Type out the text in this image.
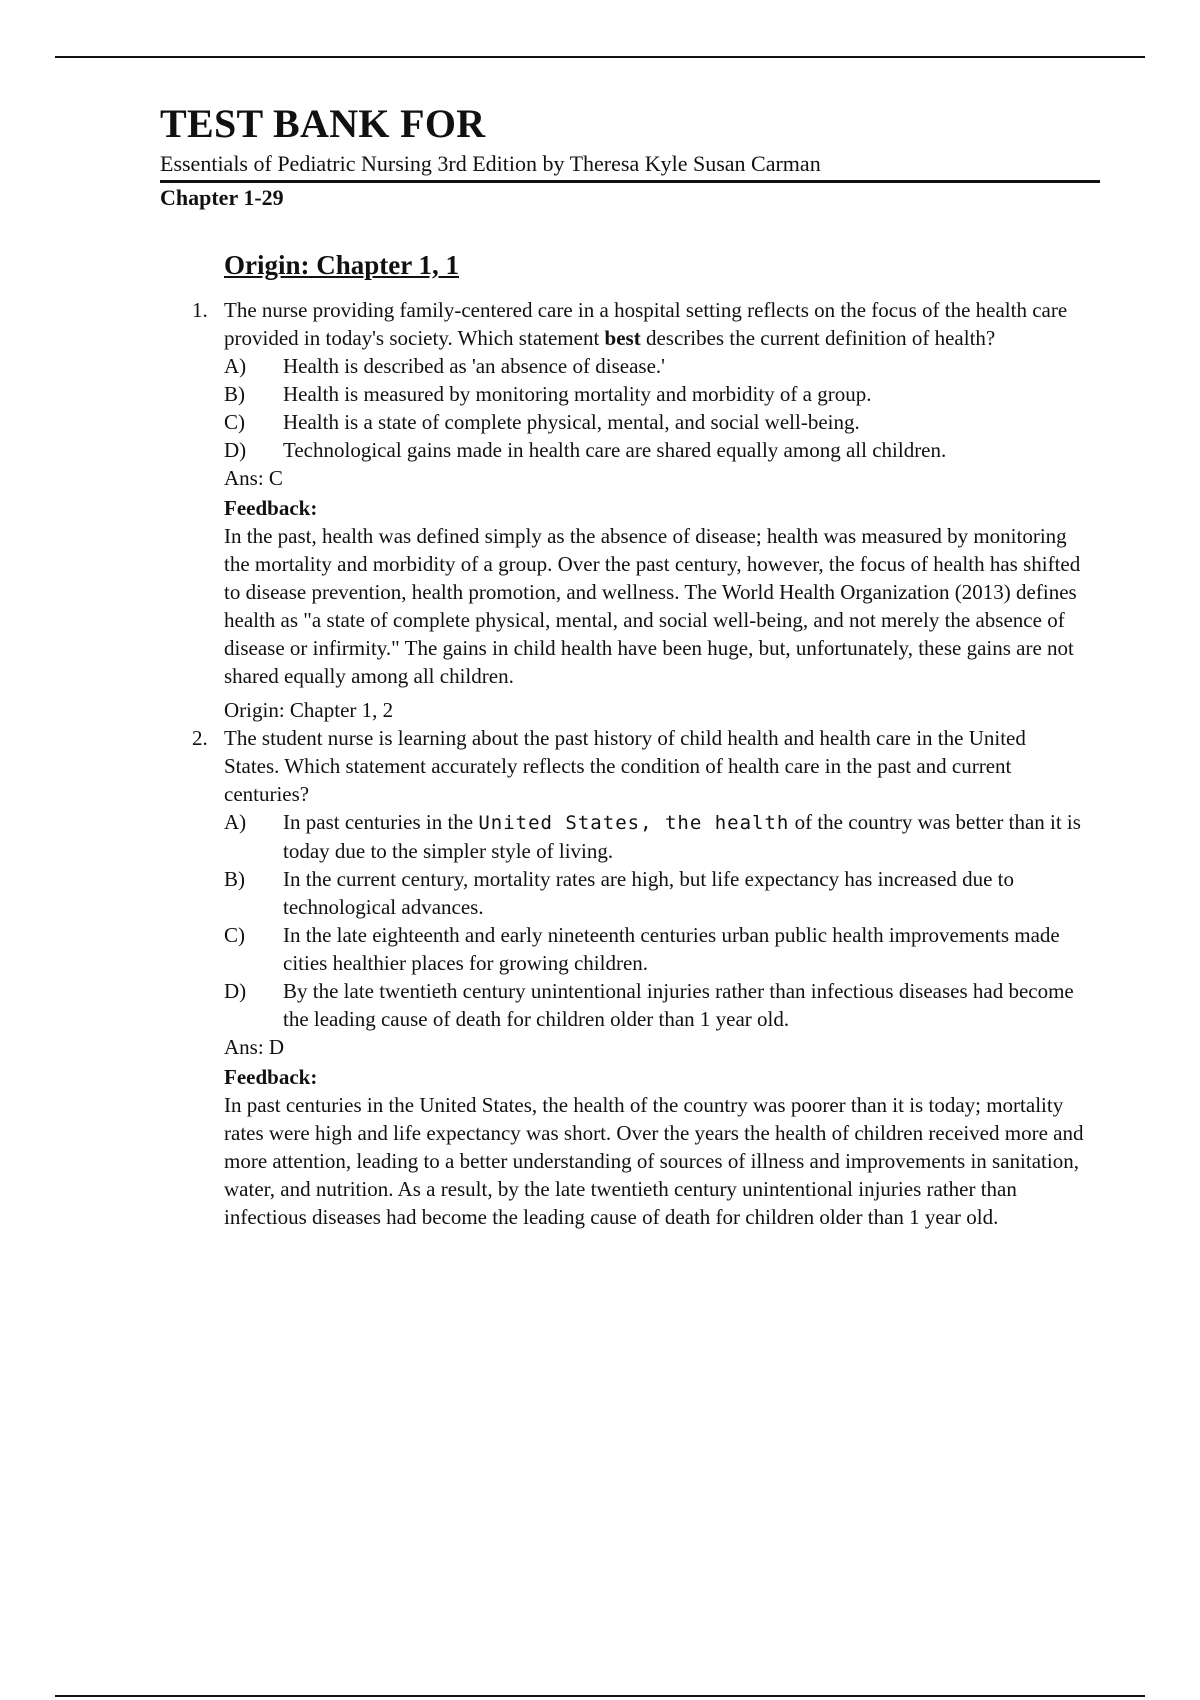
TEST BANK FOR

Essentials of Pediatric Nursing 3rd Edition by Theresa Kyle Susan Carman

Chapter 1-29

Origin: Chapter 1, 1

1. The nurse providing family-centered care in a hospital setting reflects on the focus of the health care provided in today's society. Which statement best describes the current definition of health?

A)	Health is described as 'an absence of disease.'
B)	Health is measured by monitoring mortality and morbidity of a group.
C)	Health is a state of complete physical, mental, and social well-being.
D)	Technological gains made in health care are shared equally among all children.

Ans: C

Feedback:

In the past, health was defined simply as the absence of disease; health was measured by monitoring the mortality and morbidity of a group. Over the past century, however, the focus of health has shifted to disease prevention, health promotion, and wellness. The World Health Organization (2013) defines health as "a state of complete physical, mental, and social well-being, and not merely the absence of disease or infirmity." The gains in child health have been huge, but, unfortunately, these gains are not shared equally among all children.

Origin: Chapter 1, 2

2. The student nurse is learning about the past history of child health and health care in the United States. Which statement accurately reflects the condition of health care in the past and current centuries?

A)	In past centuries in the United States, the health of the country was better than it is today due to the simpler style of living.
B)	In the current century, mortality rates are high, but life expectancy has increased due to technological advances.
C)	In the late eighteenth and early nineteenth centuries urban public health improvements made cities healthier places for growing children.
D)	By the late twentieth century unintentional injuries rather than infectious diseases had become the leading cause of death for children older than 1 year old.

Ans: D

Feedback:

In past centuries in the United States, the health of the country was poorer than it is today; mortality rates were high and life expectancy was short. Over the years the health of children received more and more attention, leading to a better understanding of sources of illness and improvements in sanitation, water, and nutrition. As a result, by the late twentieth century unintentional injuries rather than infectious diseases had become the leading cause of death for children older than 1 year old.
